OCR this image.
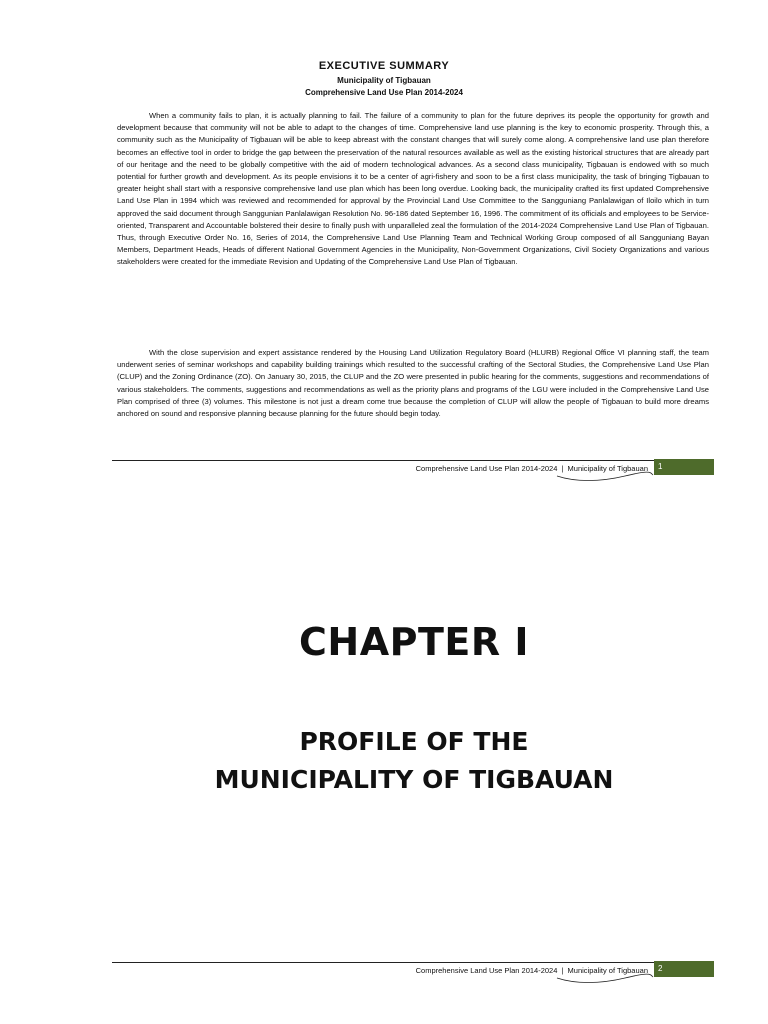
EXECUTIVE SUMMARY
Municipality of Tigbauan
Comprehensive Land Use Plan 2014-2024

When a community fails to plan, it is actually planning to fail. The failure of a community to plan for the future deprives its people the opportunity for growth and development because that community will not be able to adapt to the changes of time. Comprehensive land use planning is the key to economic prosperity. Through this, a community such as the Municipality of Tigbauan will be able to keep abreast with the constant changes that will surely come along. A comprehensive land use plan therefore becomes an effective tool in order to bridge the gap between the preservation of the natural resources available as well as the existing historical structures that are already part of our heritage and the need to be globally competitive with the aid of modern technological advances. As a second class municipality, Tigbauan is endowed with so much potential for further growth and development. As its people envisions it to be a center of agri-fishery and soon to be a first class municipality, the task of bringing Tigbauan to greater height shall start with a responsive comprehensive land use plan which has been long overdue. Looking back, the municipality crafted its first updated Comprehensive Land Use Plan in 1994 which was reviewed and recommended for approval by the Provincial Land Use Committee to the Sangguniang Panlalawigan of Iloilo which in turn approved the said document through Sanggunian Panlalawigan Resolution No. 96-186 dated September 16, 1996. The commitment of its officials and employees to be Service-oriented, Transparent and Accountable bolstered their desire to finally push with unparalleled zeal the formulation of the 2014-2024 Comprehensive Land Use Plan of Tigbauan. Thus, through Executive Order No. 16, Series of 2014, the Comprehensive Land Use Planning Team and Technical Working Group composed of all Sangguniang Bayan Members, Department Heads, Heads of different National Government Agencies in the Municipality, Non-Government Organizations, Civil Society Organizations and various stakeholders were created for the immediate Revision and Updating of the Comprehensive Land Use Plan of Tigbauan.

With the close supervision and expert assistance rendered by the Housing Land Utilization Regulatory Board (HLURB) Regional Office VI planning staff, the team underwent series of seminar workshops and capability building trainings which resulted to the successful crafting of the Sectoral Studies, the Comprehensive Land Use Plan (CLUP) and the Zoning Ordinance (ZO). On January 30, 2015, the CLUP and the ZO were presented in public hearing for the comments, suggestions and recommendations of various stakeholders. The comments, suggestions and recommendations as well as the priority plans and programs of the LGU were included in the Comprehensive Land Use Plan comprised of three (3) volumes. This milestone is not just a dream come true because the completion of CLUP will allow the people of Tigbauan to build more dreams anchored on sound and responsive planning because planning for the future should begin today.

Comprehensive Land Use Plan 2014-2024 | Municipality of Tigbauan 1
CHAPTER I
PROFILE OF THE
MUNICIPALITY OF TIGBAUAN
Comprehensive Land Use Plan 2014-2024 | Municipality of Tigbauan 2
